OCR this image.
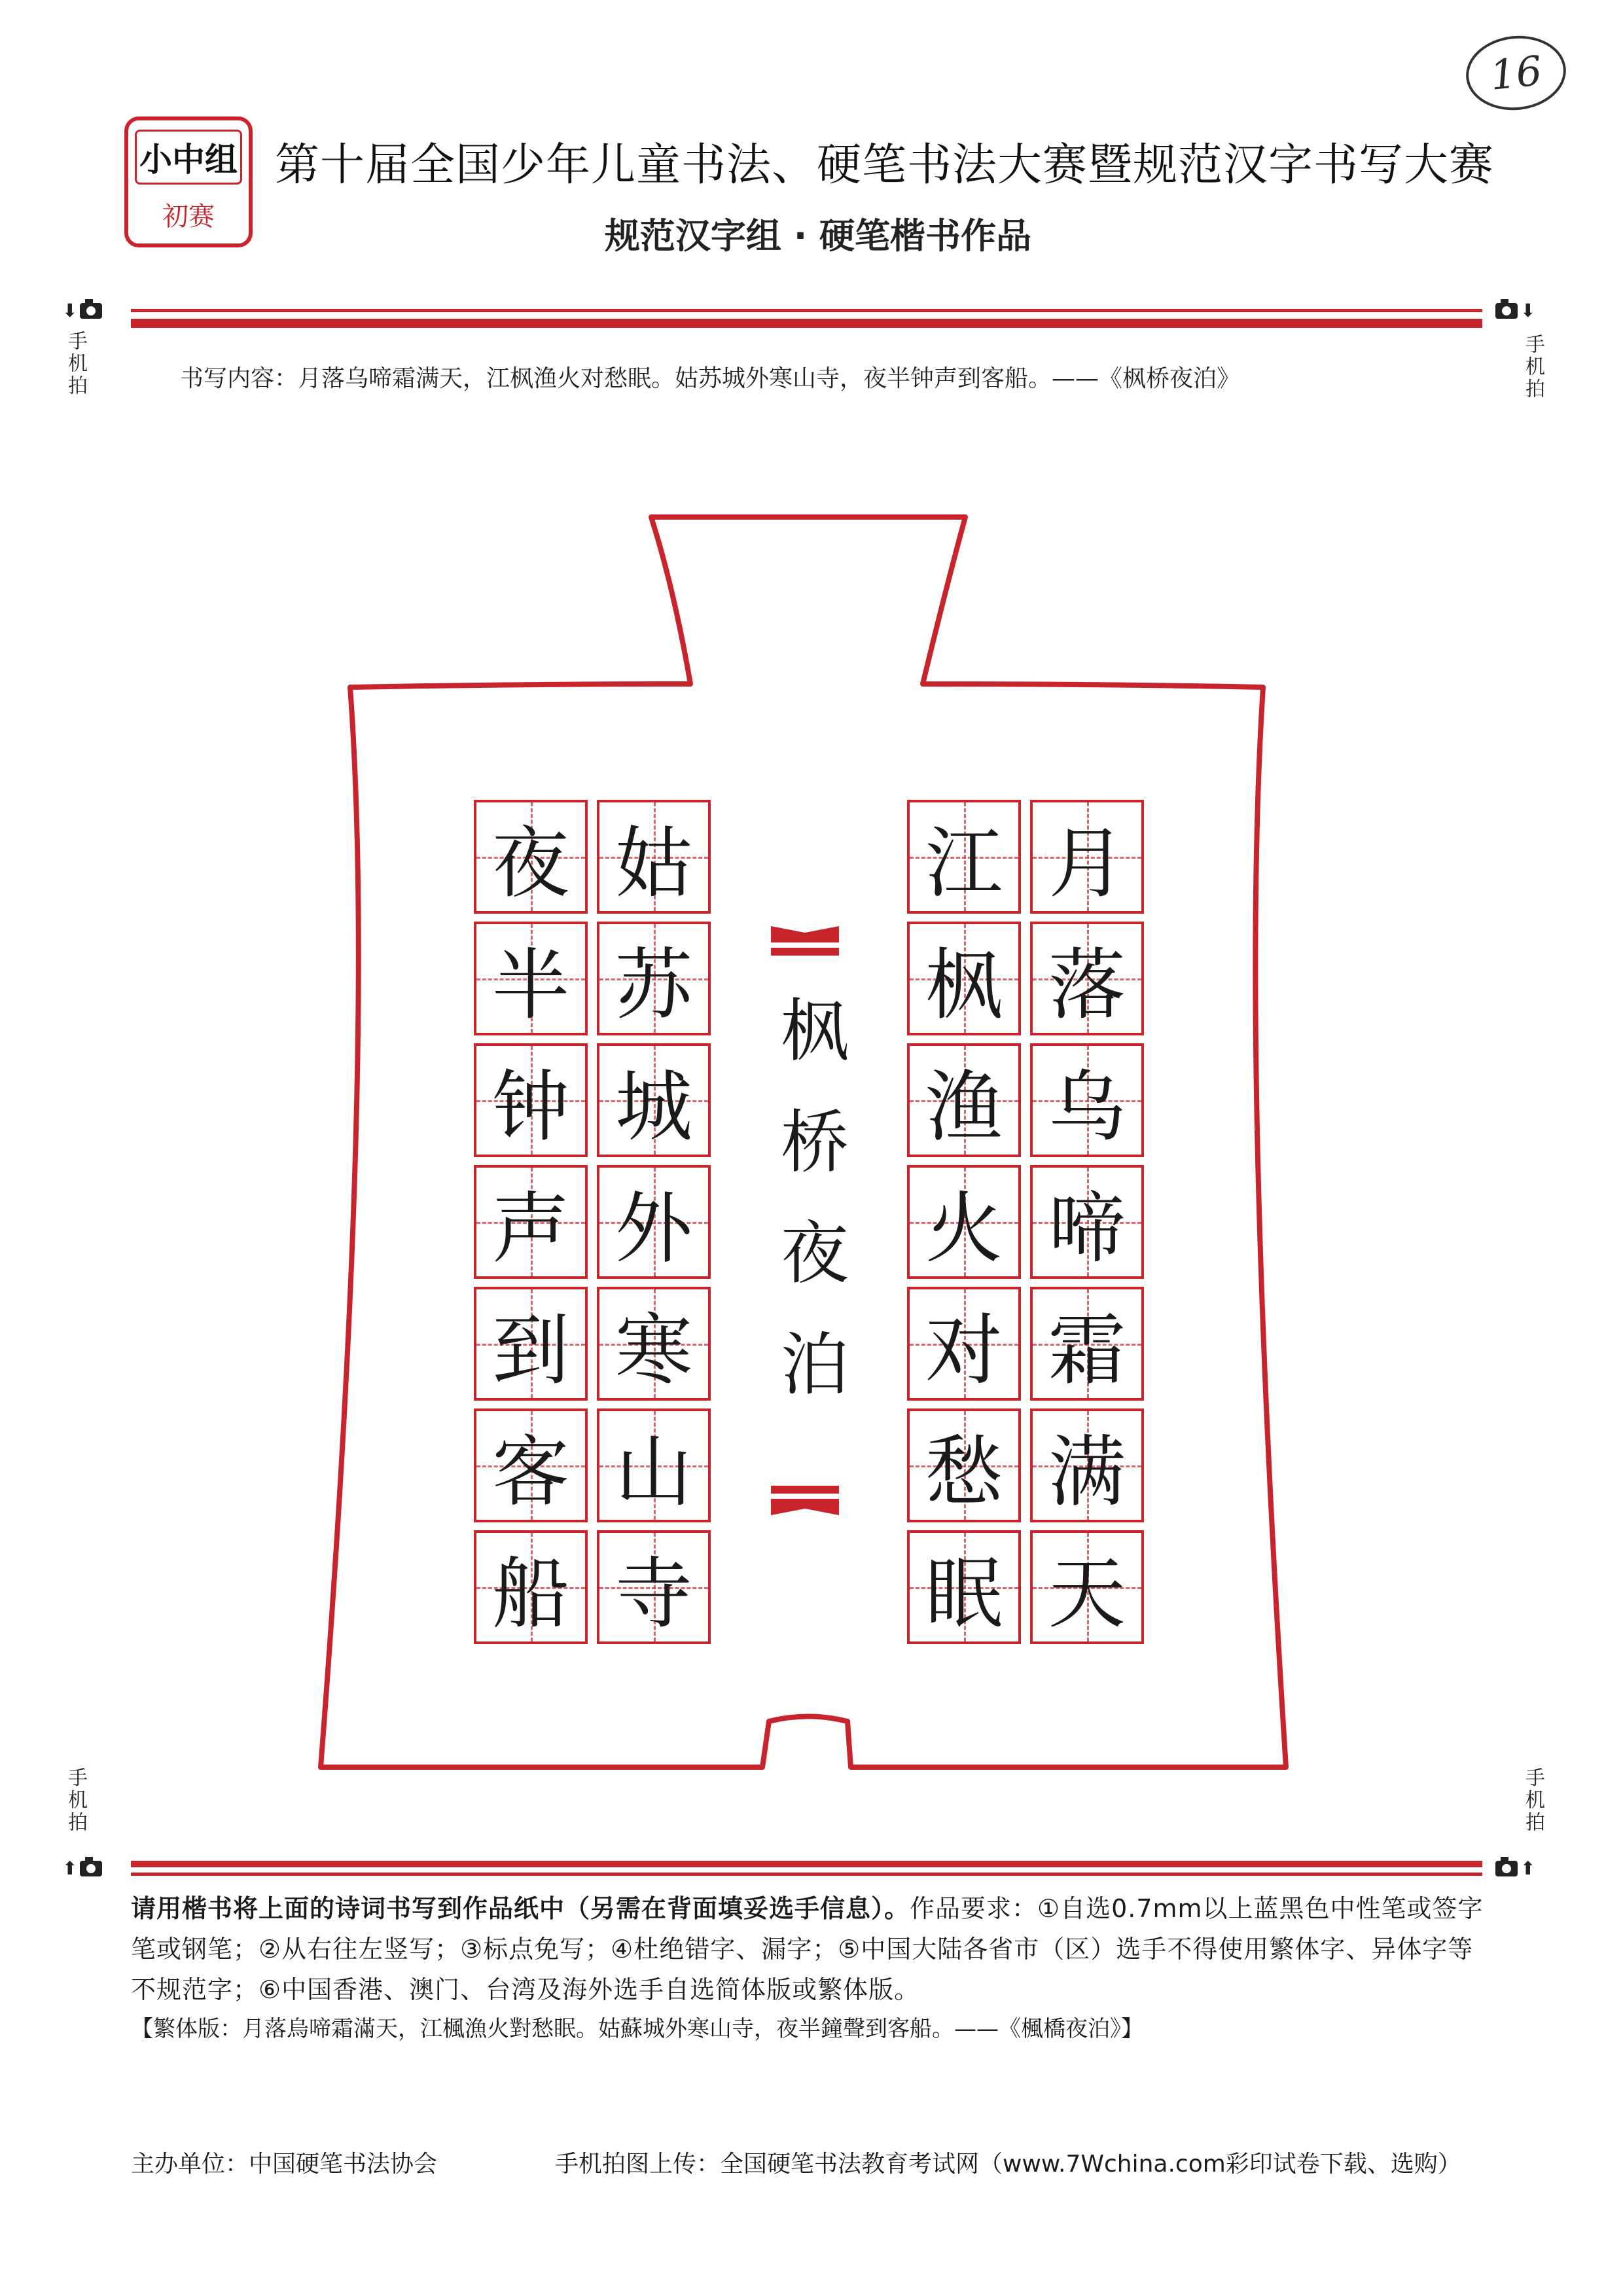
16
小中组
初赛
第十届全国少年儿童书法、硬笔书法大赛暨规范汉字书写大赛
规范汉字组 · 硬笔楷书作品
⬇
手机拍
⬇
手机拍
书写内容：月落乌啼霜满天，江枫渔火对愁眠。姑苏城外寒山寺，夜半钟声到客船。——《枫桥夜泊》
夜
半
钟
声
到
客
船
姑
苏
城
外
寒
山
寺
枫
桥
夜
泊
江
枫
渔
火
对
愁
眠
月
落
乌
啼
霜
满
天
手机拍
⬆
手机拍
⬆
请用楷书将上面的诗词书写到作品纸中（另需在背面填妥选手信息）。作品要求：①自选0.7mm以上蓝黑色中性笔或签字笔或钢笔；②从右往左竖写；③标点免写；④杜绝错字、漏字；⑤中国大陆各省市（区）选手不得使用繁体字、异体字等不规范字；⑥中国香港、澳门、台湾及海外选手自选简体版或繁体版。
【繁体版：月落烏啼霜滿天，江楓漁火對愁眠。姑蘇城外寒山寺，夜半鐘聲到客船。——《楓橋夜泊》】
主办单位：中国硬笔书法协会	手机拍图上传：全国硬笔书法教育考试网（www.7Wchina.com彩印试卷下载、选购）
